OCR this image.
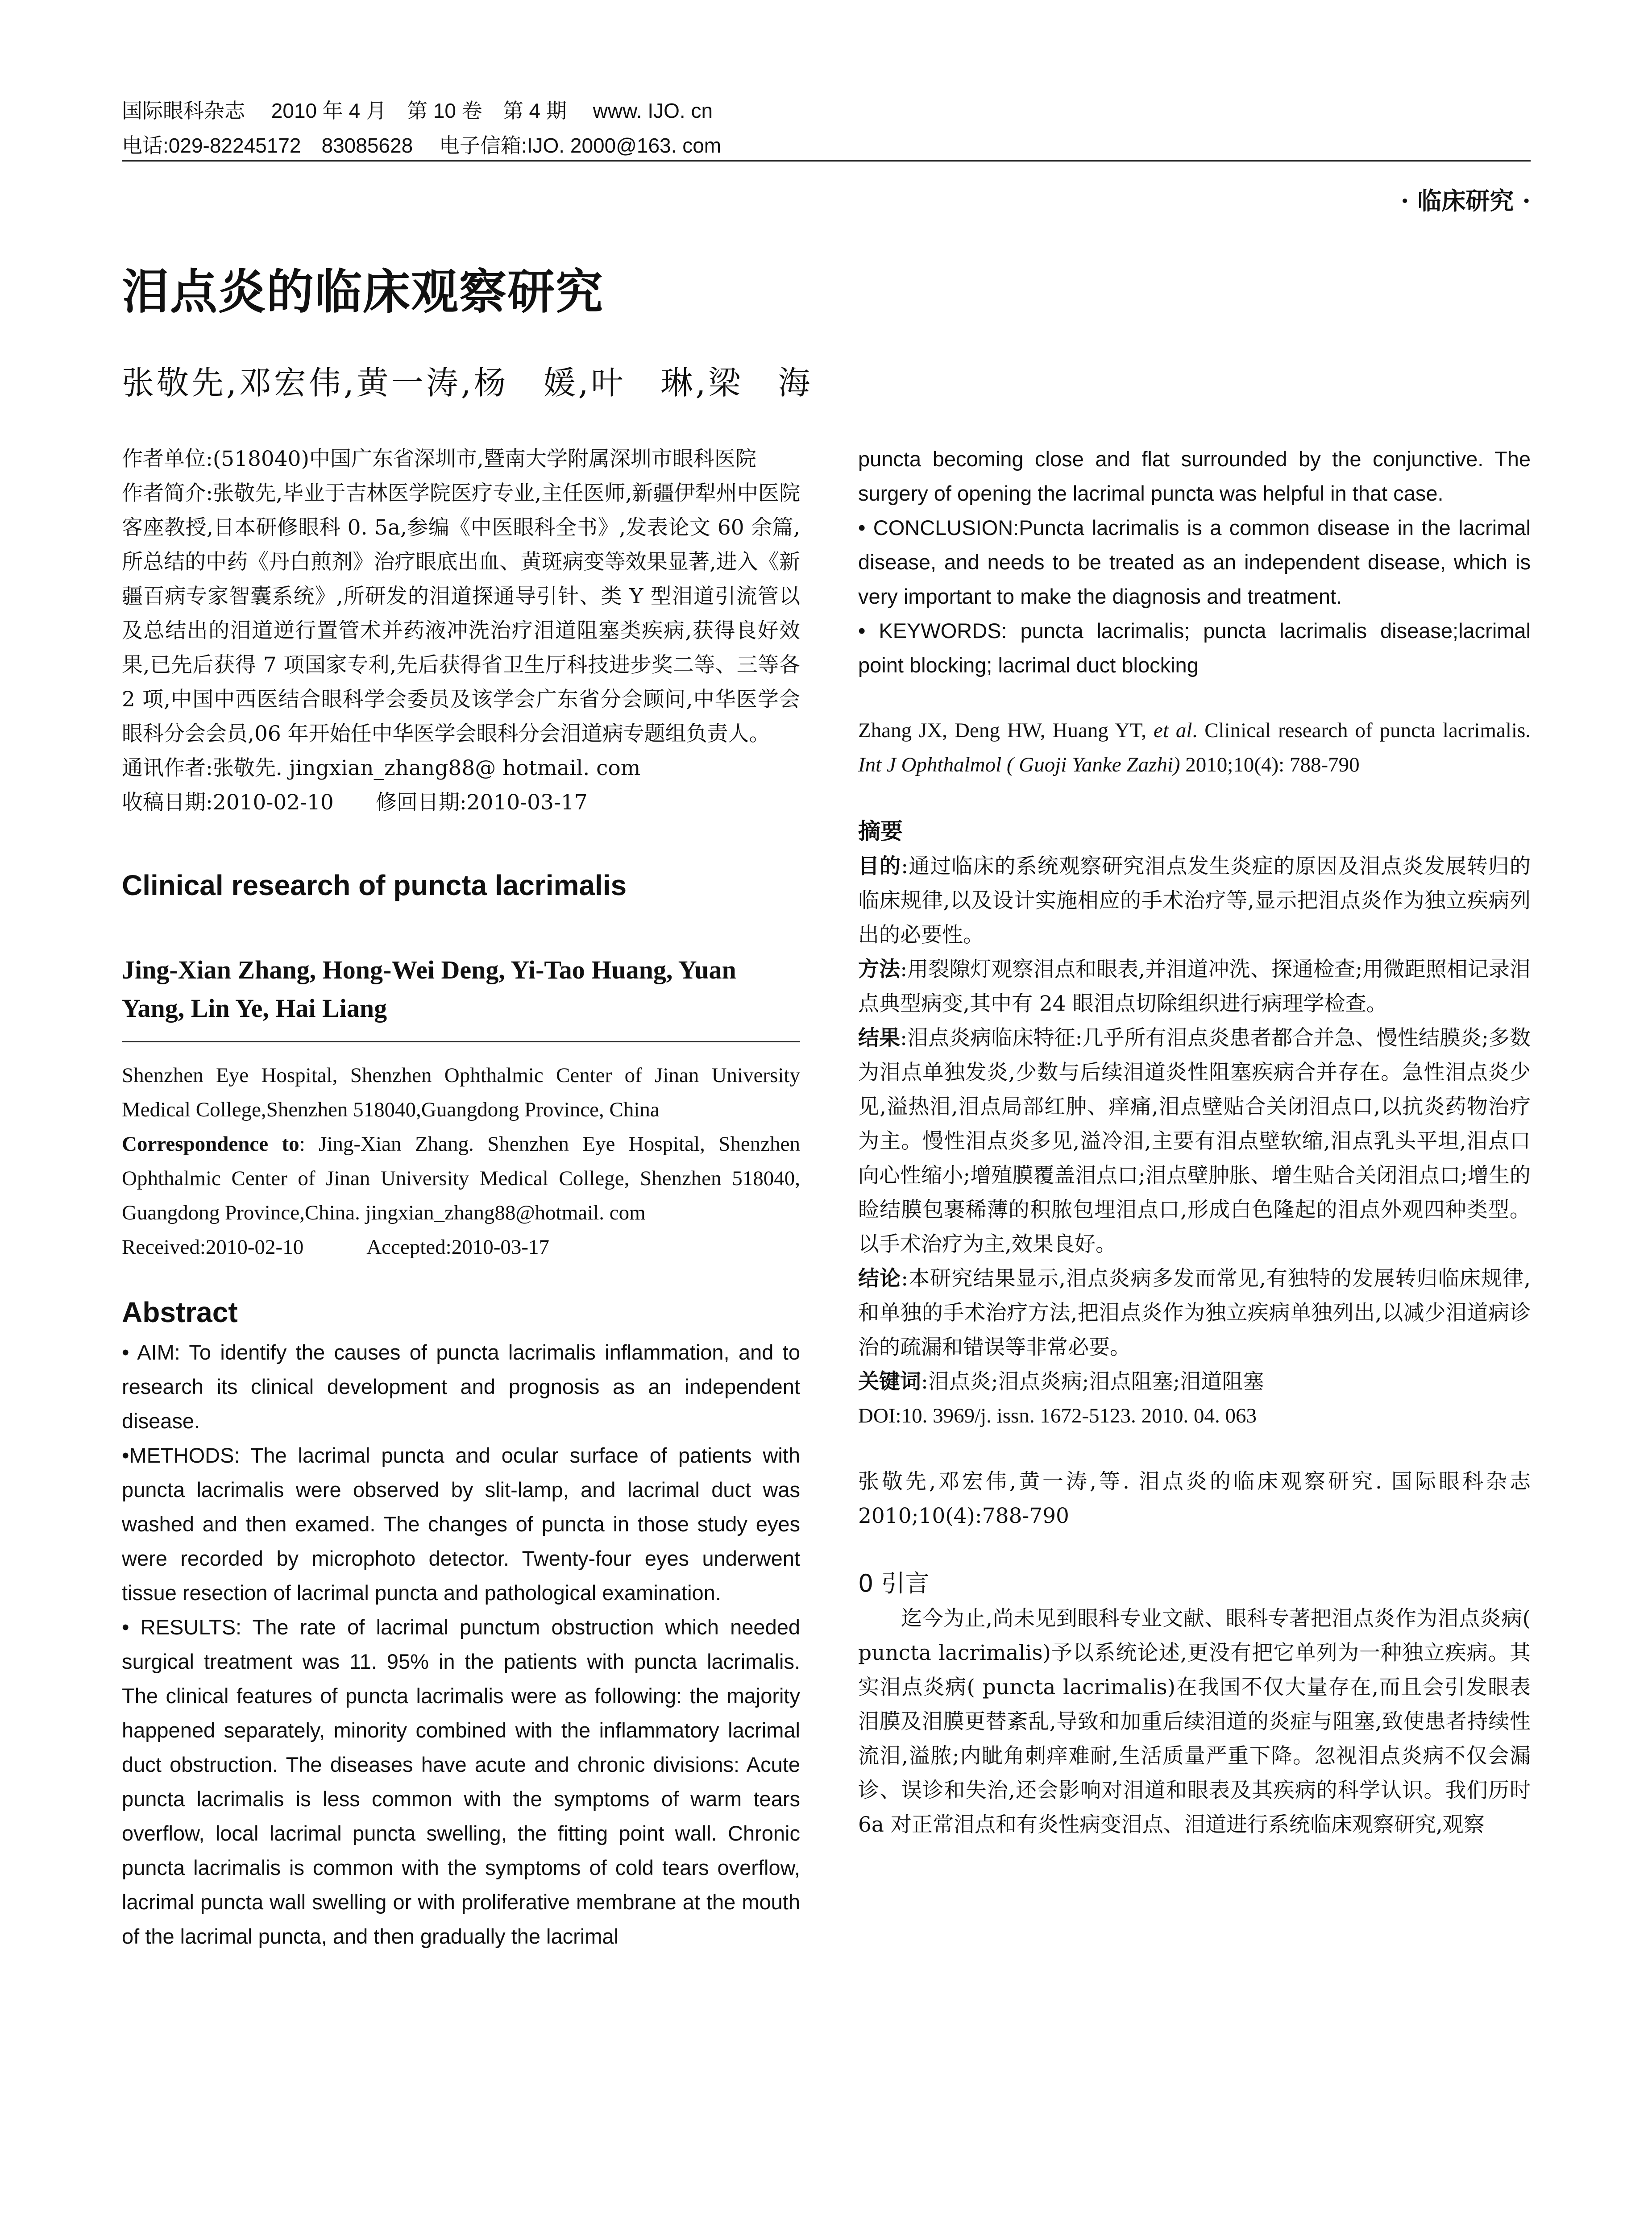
国际眼科杂志　 2010 年 4 月　第 10 卷　第 4 期　 www. IJO. cn
电话:029-82245172　83085628　 电子信箱:IJO. 2000@163. com
· 临床研究 ·
泪点炎的临床观察研究
张敬先,邓宏伟,黄一涛,杨　媛,叶　琳,梁　海

作者单位:(518040)中国广东省深圳市,暨南大学附属深圳市眼科医院

作者简介:张敬先,毕业于吉林医学院医疗专业,主任医师,新疆伊犁州中医院客座教授,日本研修眼科 0. 5a,参编《中医眼科全书》,发表论文 60 余篇,所总结的中药《丹白煎剂》治疗眼底出血、黄斑病变等效果显著,进入《新疆百病专家智囊系统》,所研发的泪道探通导引针、类 Y 型泪道引流管以及总结出的泪道逆行置管术并药液冲洗治疗泪道阻塞类疾病,获得良好效果,已先后获得 7 项国家专利,先后获得省卫生厅科技进步奖二等、三等各 2 项,中国中西医结合眼科学会委员及该学会广东省分会顾问,中华医学会眼科分会会员,06 年开始任中华医学会眼科分会泪道病专题组负责人。

通讯作者:张敬先. jingxian_zhang88@ hotmail. com

收稿日期:2010-02-10　　修回日期:2010-03-17

Clinical research of puncta lacrimalis

Jing-Xian Zhang, Hong-Wei Deng, Yi-Tao Huang, Yuan Yang, Lin Ye, Hai Liang

Shenzhen Eye Hospital, Shenzhen Ophthalmic Center of Jinan University Medical College,Shenzhen 518040,Guangdong Province, China

Correspondence to: Jing-Xian Zhang. Shenzhen Eye Hospital, Shenzhen Ophthalmic Center of Jinan University Medical College, Shenzhen 518040, Guangdong Province,China. jingxian_zhang88@hotmail. com

Received:2010-02-10　　　Accepted:2010-03-17

Abstract

• AIM: To identify the causes of puncta lacrimalis inflammation, and to research its clinical development and prognosis as an independent disease.

•METHODS: The lacrimal puncta and ocular surface of patients with puncta lacrimalis were observed by slit-lamp, and lacrimal duct was washed and then examed. The changes of puncta in those study eyes were recorded by microphoto detector. Twenty-four eyes underwent tissue resection of lacrimal puncta and pathological examination.

• RESULTS: The rate of lacrimal punctum obstruction which needed surgical treatment was 11. 95% in the patients with puncta lacrimalis. The clinical features of puncta lacrimalis were as following: the majority happened separately, minority combined with the inflammatory lacrimal duct obstruction. The diseases have acute and chronic divisions: Acute puncta lacrimalis is less common with the symptoms of warm tears overflow, local lacrimal puncta swelling, the fitting point wall. Chronic puncta lacrimalis is common with the symptoms of cold tears overflow, lacrimal puncta wall swelling or with proliferative membrane at the mouth of the lacrimal puncta, and then gradually the lacrimal

puncta becoming close and flat surrounded by the conjunctive. The surgery of opening the lacrimal puncta was helpful in that case.

• CONCLUSION:Puncta lacrimalis is a common disease in the lacrimal disease, and needs to be treated as an independent disease, which is very important to make the diagnosis and treatment.

• KEYWORDS: puncta lacrimalis; puncta lacrimalis disease;lacrimal point blocking; lacrimal duct blocking

Zhang JX, Deng HW, Huang YT, et al. Clinical research of puncta lacrimalis. Int J Ophthalmol ( Guoji Yanke Zazhi) 2010;10(4): 788-790

摘要

目的:通过临床的系统观察研究泪点发生炎症的原因及泪点炎发展转归的临床规律,以及设计实施相应的手术治疗等,显示把泪点炎作为独立疾病列出的必要性。

方法:用裂隙灯观察泪点和眼表,并泪道冲洗、探通检查;用微距照相记录泪点典型病变,其中有 24 眼泪点切除组织进行病理学检查。

结果:泪点炎病临床特征:几乎所有泪点炎患者都合并急、慢性结膜炎;多数为泪点单独发炎,少数与后续泪道炎性阻塞疾病合并存在。急性泪点炎少见,溢热泪,泪点局部红肿、痒痛,泪点壁贴合关闭泪点口,以抗炎药物治疗为主。慢性泪点炎多见,溢冷泪,主要有泪点壁软缩,泪点乳头平坦,泪点口向心性缩小;增殖膜覆盖泪点口;泪点壁肿胀、增生贴合关闭泪点口;增生的睑结膜包裹稀薄的积脓包埋泪点口,形成白色隆起的泪点外观四种类型。以手术治疗为主,效果良好。

结论:本研究结果显示,泪点炎病多发而常见,有独特的发展转归临床规律,和单独的手术治疗方法,把泪点炎作为独立疾病单独列出,以减少泪道病诊治的疏漏和错误等非常必要。

关键词:泪点炎;泪点炎病;泪点阻塞;泪道阻塞

DOI:10. 3969/j. issn. 1672-5123. 2010. 04. 063

张敬先,邓宏伟,黄一涛,等. 泪点炎的临床观察研究. 国际眼科杂志 2010;10(4):788-790

0 引言

迄今为止,尚未见到眼科专业文献、眼科专著把泪点炎作为泪点炎病( puncta lacrimalis)予以系统论述,更没有把它单列为一种独立疾病。其实泪点炎病( puncta lacrimalis)在我国不仅大量存在,而且会引发眼表泪膜及泪膜更替紊乱,导致和加重后续泪道的炎症与阻塞,致使患者持续性流泪,溢脓;内眦角刺痒难耐,生活质量严重下降。忽视泪点炎病不仅会漏诊、误诊和失治,还会影响对泪道和眼表及其疾病的科学认识。我们历时 6a 对正常泪点和有炎性病变泪点、泪道进行系统临床观察研究,观察
